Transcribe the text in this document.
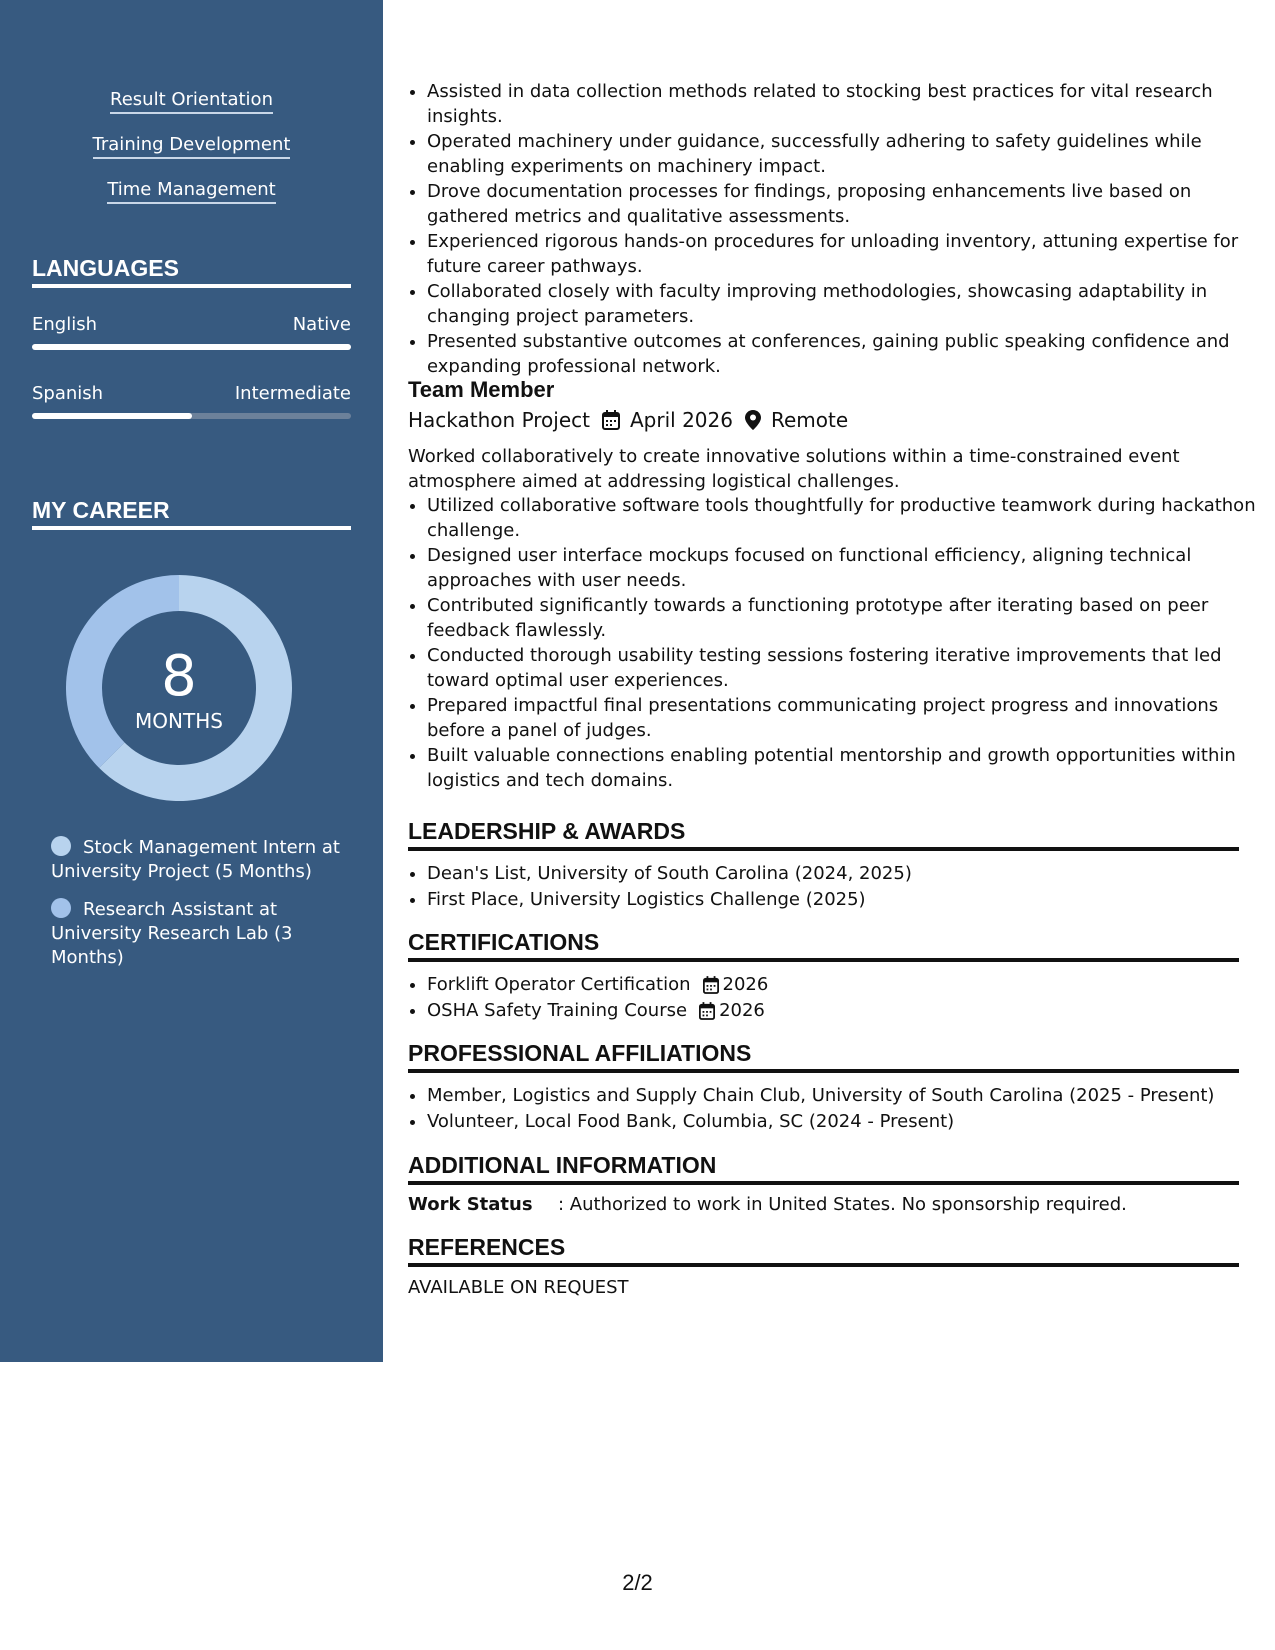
Result Orientation
Training Development
Time Management
LANGUAGES
English	Native
Spanish	Intermediate
MY CAREER
8
MONTHS
Stock Management Intern at University Project (5 Months)
Research Assistant at University Research Lab (3 Months)
• Assisted in data collection methods related to stocking best practices for vital research insights.
• Operated machinery under guidance, successfully adhering to safety guidelines while enabling experiments on machinery impact.
• Drove documentation processes for findings, proposing enhancements live based on gathered metrics and qualitative assessments.
• Experienced rigorous hands-on procedures for unloading inventory, attuning expertise for future career pathways.
• Collaborated closely with faculty improving methodologies, showcasing adaptability in changing project parameters.
• Presented substantive outcomes at conferences, gaining public speaking confidence and expanding professional network.
Team Member
Hackathon Project April 2026 Remote
Worked collaboratively to create innovative solutions within a time-constrained event atmosphere aimed at addressing logistical challenges.
• Utilized collaborative software tools thoughtfully for productive teamwork during hackathon challenge.
• Designed user interface mockups focused on functional efficiency, aligning technical approaches with user needs.
• Contributed significantly towards a functioning prototype after iterating based on peer feedback flawlessly.
• Conducted thorough usability testing sessions fostering iterative improvements that led toward optimal user experiences.
• Prepared impactful final presentations communicating project progress and innovations before a panel of judges.
• Built valuable connections enabling potential mentorship and growth opportunities within logistics and tech domains.
LEADERSHIP & AWARDS
• Dean's List, University of South Carolina (2024, 2025)
• First Place, University Logistics Challenge (2025)
CERTIFICATIONS
• Forklift Operator Certification 2026
• OSHA Safety Training Course 2026
PROFESSIONAL AFFILIATIONS
• Member, Logistics and Supply Chain Club, University of South Carolina (2025 - Present)
• Volunteer, Local Food Bank, Columbia, SC (2024 - Present)
ADDITIONAL INFORMATION
Work Status : Authorized to work in United States. No sponsorship required.
REFERENCES
AVAILABLE ON REQUEST
2/2
